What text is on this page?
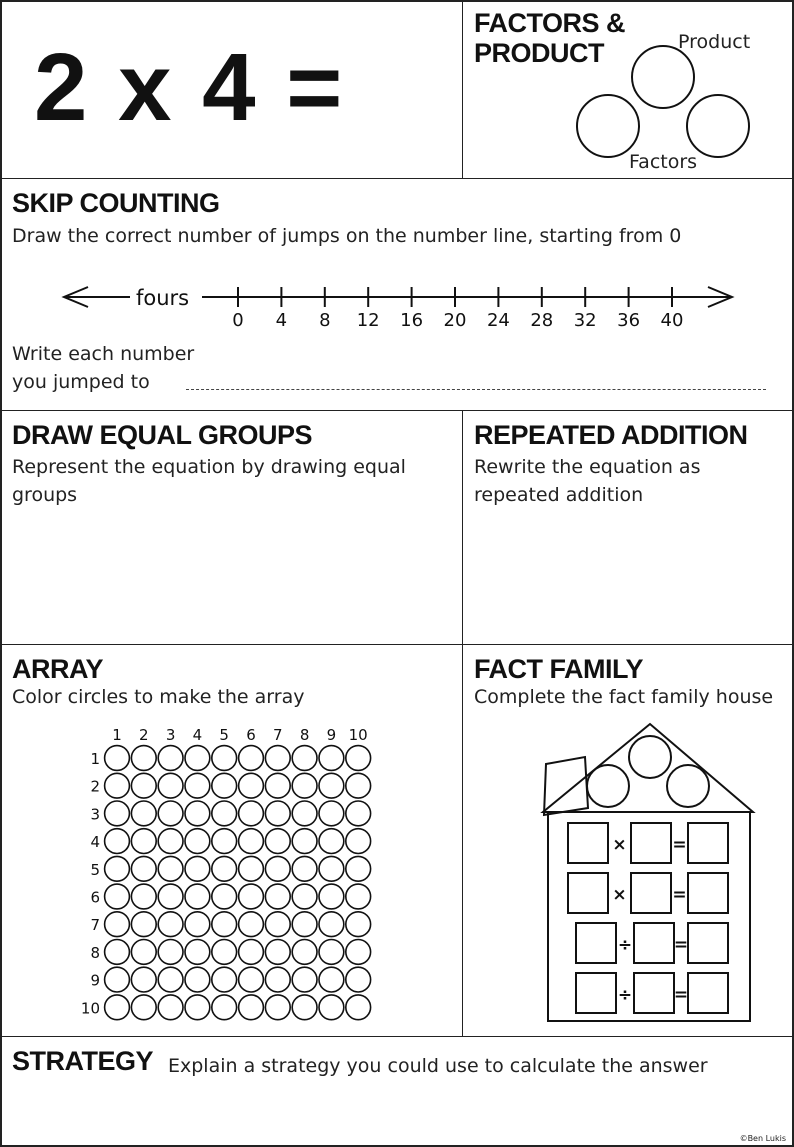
2 x 4 =
FACTORS &
PRODUCT	Product
Factors
SKIP COUNTING
Draw the correct number of jumps on the number line, starting from 0
fours
0 4 8 12 16 20 24 28 32 36 40
Write each number
you jumped to
DRAW EQUAL GROUPS
Represent the equation by drawing equal groups
REPEATED ADDITION
Rewrite the equation as repeated addition
ARRAY
Color circles to make the array
1 2 3 4 5 6 7 8 9 10
1
2
3
4
5
6
7
8
9
10
FACT FAMILY
Complete the fact family house
×	=
×	=
÷ =
÷ =
STRATEGY Explain a strategy you could use to calculate the answer
©Ben Lukis
